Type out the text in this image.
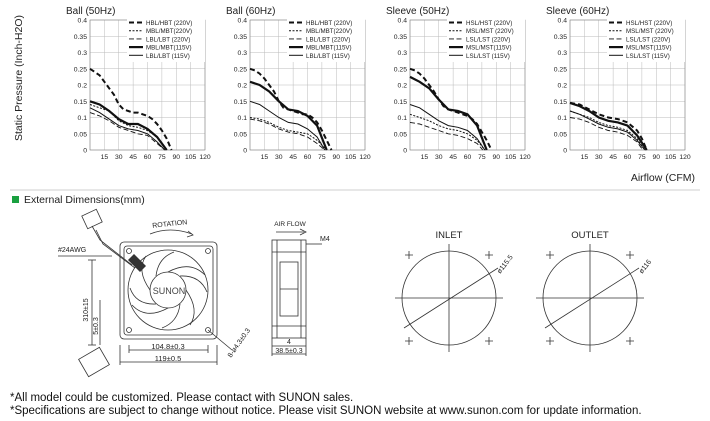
Static Pressure (Inch-H2O)
Ball (50Hz)
0.4
0.35
0.3
0.25
0.2
0.15
0.1
0.05
0
15 30 45 60 75 90 105 120
HBL/HBT (220V)
MBL/MBT(220V)
LBL/LBT (220V)
MBL/MBT(115V)
LBL/LBT (115V)
Ball (60Hz)
0.4
0.35
0.3
0.25
0.2
0.15
0.1
0.05
0
15 30 45 60 75 90 105 120
HBL/HBT (220V)
MBL/MBT(220V)
LBL/LBT (220V)
MBL/MBT(115V)
LBL/LBT (115V)
Sleeve (50Hz)
0.4
0.35
0.3
0.25
0.2
0.15
0.1
0.05
0
15 30 45 60 75 90 105 120
HSL/HST (220V)
MSL/MST (220V)
LSL/LST (220V)
MSL/MST(115V)
LSL/LST (115V)
Sleeve (60Hz)
0.4
0.35
0.3
0.25
0.2
0.15
0.1
0.05
0
15 30 45 60 75 90 105 120
HSL/HST (220V)
MSL/MST (220V)
LSL/LST (220V)
MSL/MST(115V)
LSL/LST (115V)
Airflow (CFM)
External Dimensions(mm)
ROTATION
SUNON
#24AWG
310±15
5±0.3
104.8±0.3
119±0.5	8-ø4.3±0.3
AIR FLOW
M4
4
38.5±0.3
INLET
ø115.5
OUTLET
ø116
*All model could be customized. Please contact with SUNON sales.
*Specifications are subject to change without notice. Please visit SUNON website at www.sunon.com for update information.
